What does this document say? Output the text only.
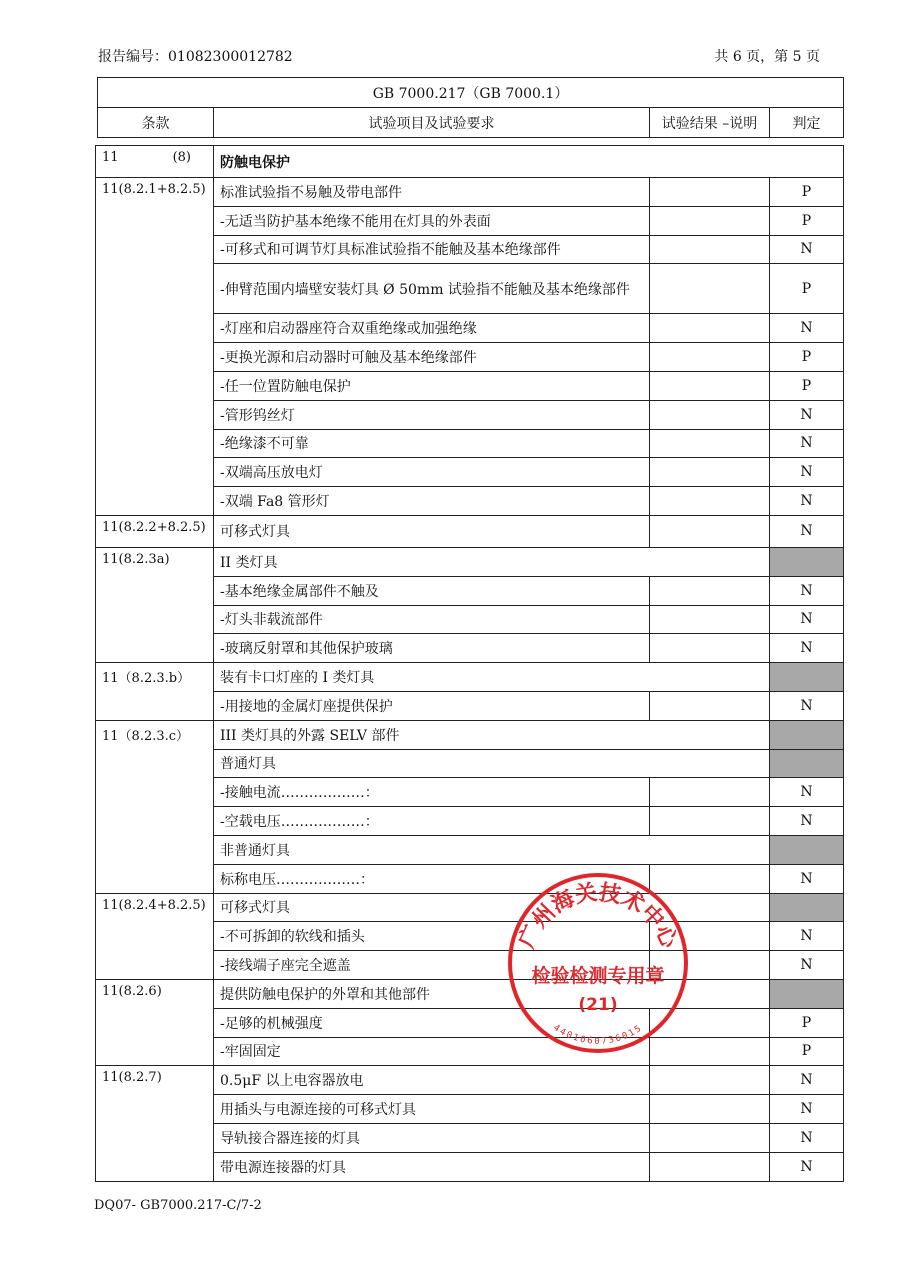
报告编号：01082300012782	共 6 页，第 5 页
GB 7000.217（GB 7000.1）
条款	试验项目及试验要求	试验结果 –说明	判定
11 (8)	防触电保护		
11(8.2.1+8.2.5)	标准试验指不易触及带电部件		P
	-无适当防护基本绝缘不能用在灯具的外表面		P
	-可移式和可调节灯具标准试验指不能触及基本绝缘部件		N
	-伸臂范围内墙壁安装灯具 Ø 50mm 试验指不能触及基本绝缘部件		P
	-灯座和启动器座符合双重绝缘或加强绝缘		N
	-更换光源和启动器时可触及基本绝缘部件		P
	-任一位置防触电保护		P
	-管形钨丝灯		N
	-绝缘漆不可靠		N
	-双端高压放电灯		N
	-双端 Fa8 管形灯		N
11(8.2.2+8.2.5)	可移式灯具		N
11(8.2.3a)	II 类灯具		
	-基本绝缘金属部件不触及		N
	-灯头非载流部件		N
	-玻璃反射罩和其他保护玻璃		N
11（8.2.3.b）	装有卡口灯座的 I 类灯具		
	-用接地的金属灯座提供保护		N
11（8.2.3.c）	III 类灯具的外露 SELV 部件		
	普通灯具		
	-接触电流………………：		N
	-空载电压………………：		N
	非普通灯具		
	标称电压………………：		N
11(8.2.4+8.2.5)	可移式灯具		
	-不可拆卸的软线和插头		N
	-接线端子座完全遮盖		N
11(8.2.6)	提供防触电保护的外罩和其他部件		
	-足够的机械强度		P
	-牢固固定		P
11(8.2.7)	0.5μF 以上电容器放电		N
	用插头与电源连接的可移式灯具		N
	导轨接合器连接的灯具		N
	带电源连接器的灯具		N
广州海关技术中心
检验检测专用章
(21)
4401060736015
DQ07- GB7000.217-C/7-2
